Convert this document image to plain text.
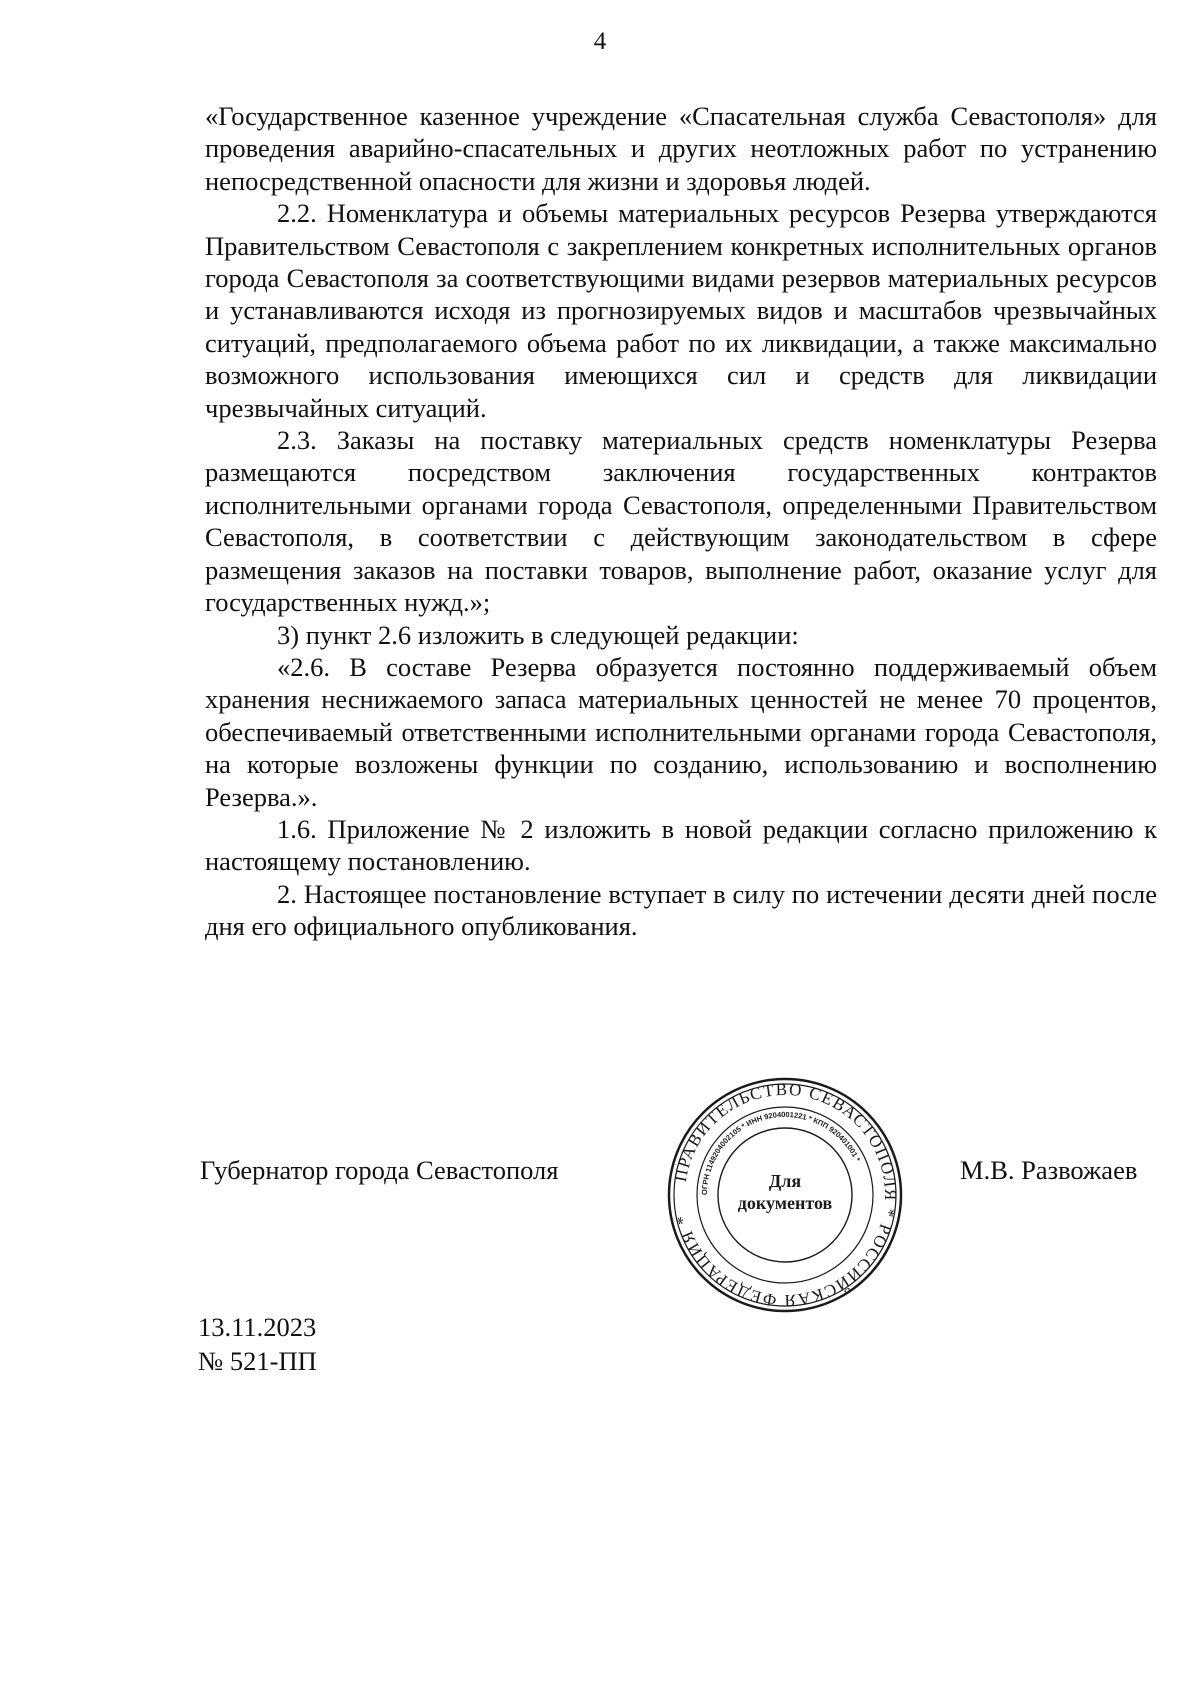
4

«Государственное казенное учреждение «Спасательная служба Севастополя» для проведения аварийно-спасательных и других неотложных работ по устранению непосредственной опасности для жизни и здоровья людей.

2.2. Номенклатура и объемы материальных ресурсов Резерва утверждаются Правительством Севастополя с закреплением конкретных исполнительных органов города Севастополя за соответствующими видами резервов материальных ресурсов и устанавливаются исходя из прогнозируемых видов и масштабов чрезвычайных ситуаций, предполагаемого объема работ по их ликвидации, а также максимально возможного использования имеющихся сил и средств для ликвидации чрезвычайных ситуаций.

2.3. Заказы на поставку материальных средств номенклатуры Резерва размещаются посредством заключения государственных контрактов исполнительными органами города Севастополя, определенными Правительством Севастополя, в соответствии с действующим законодательством в сфере размещения заказов на поставки товаров, выполнение работ, оказание услуг для государственных нужд.»;

3) пункт 2.6 изложить в следующей редакции:

«2.6. В составе Резерва образуется постоянно поддерживаемый объем хранения неснижаемого запаса материальных ценностей не менее 70 процентов, обеспечиваемый ответственными исполнительными органами города Севастополя, на которые возложены функции по созданию, использованию и восполнению Резерва.».

1.6. Приложение № 2 изложить в новой редакции согласно приложению к настоящему постановлению.

2. Настоящее постановление вступает в силу по истечении десяти дней после дня его официального опубликования.

Губернатор города Севастополя	ПРАВИТЕЛЬСТВО СЕВАСТОПОЛЯ * РОССИЙСКАЯ ФЕДЕРАЦИЯ *
ОГРН 1149204002105 * ИНН 9204001221 * КПП 920401001 *
Для
документов
М.В. Развожаев
13.11.2023
№ 521-ПП
